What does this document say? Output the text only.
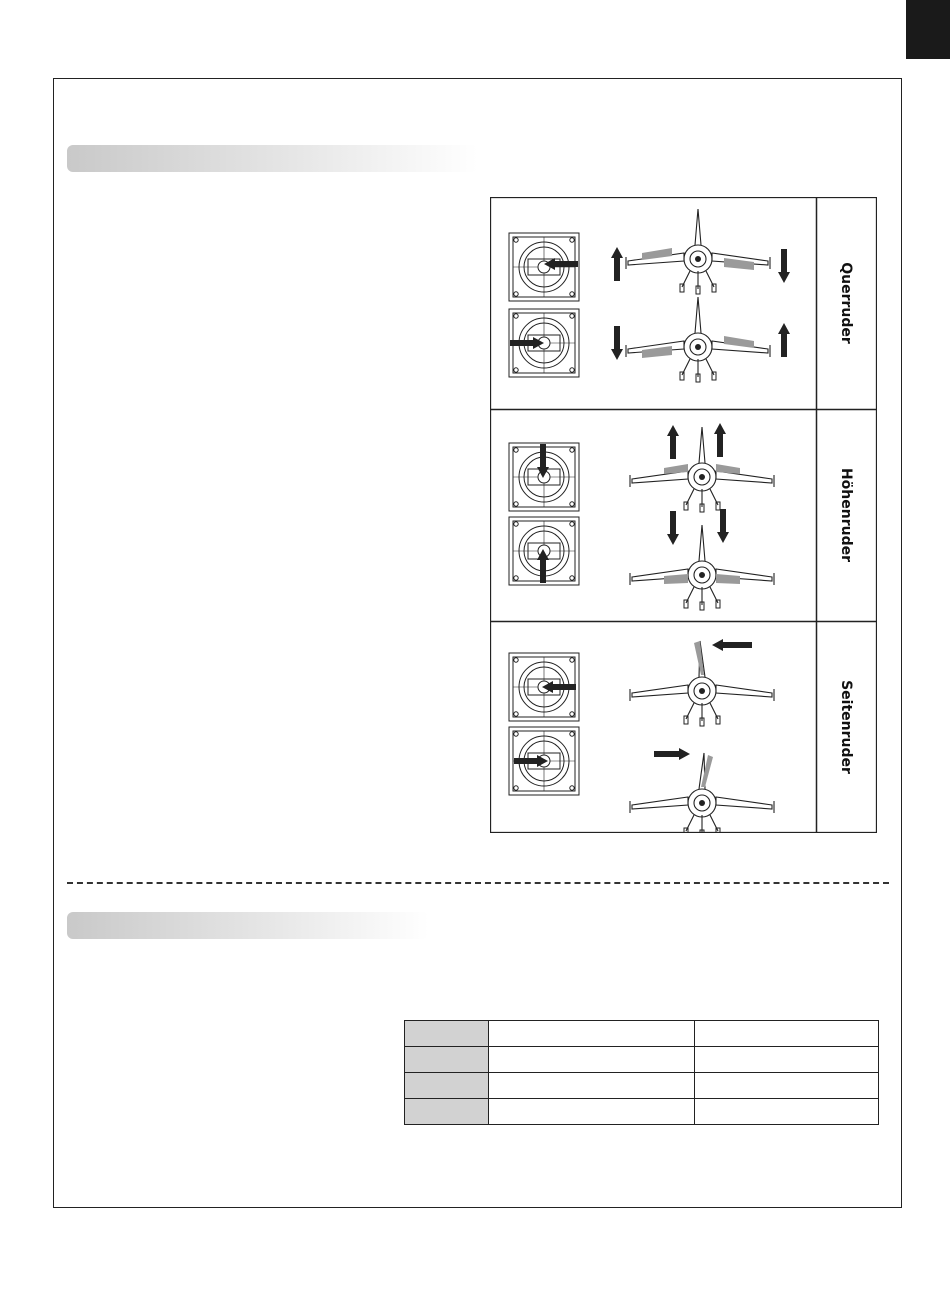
Querruder
Höhenruder
Seitenruder
